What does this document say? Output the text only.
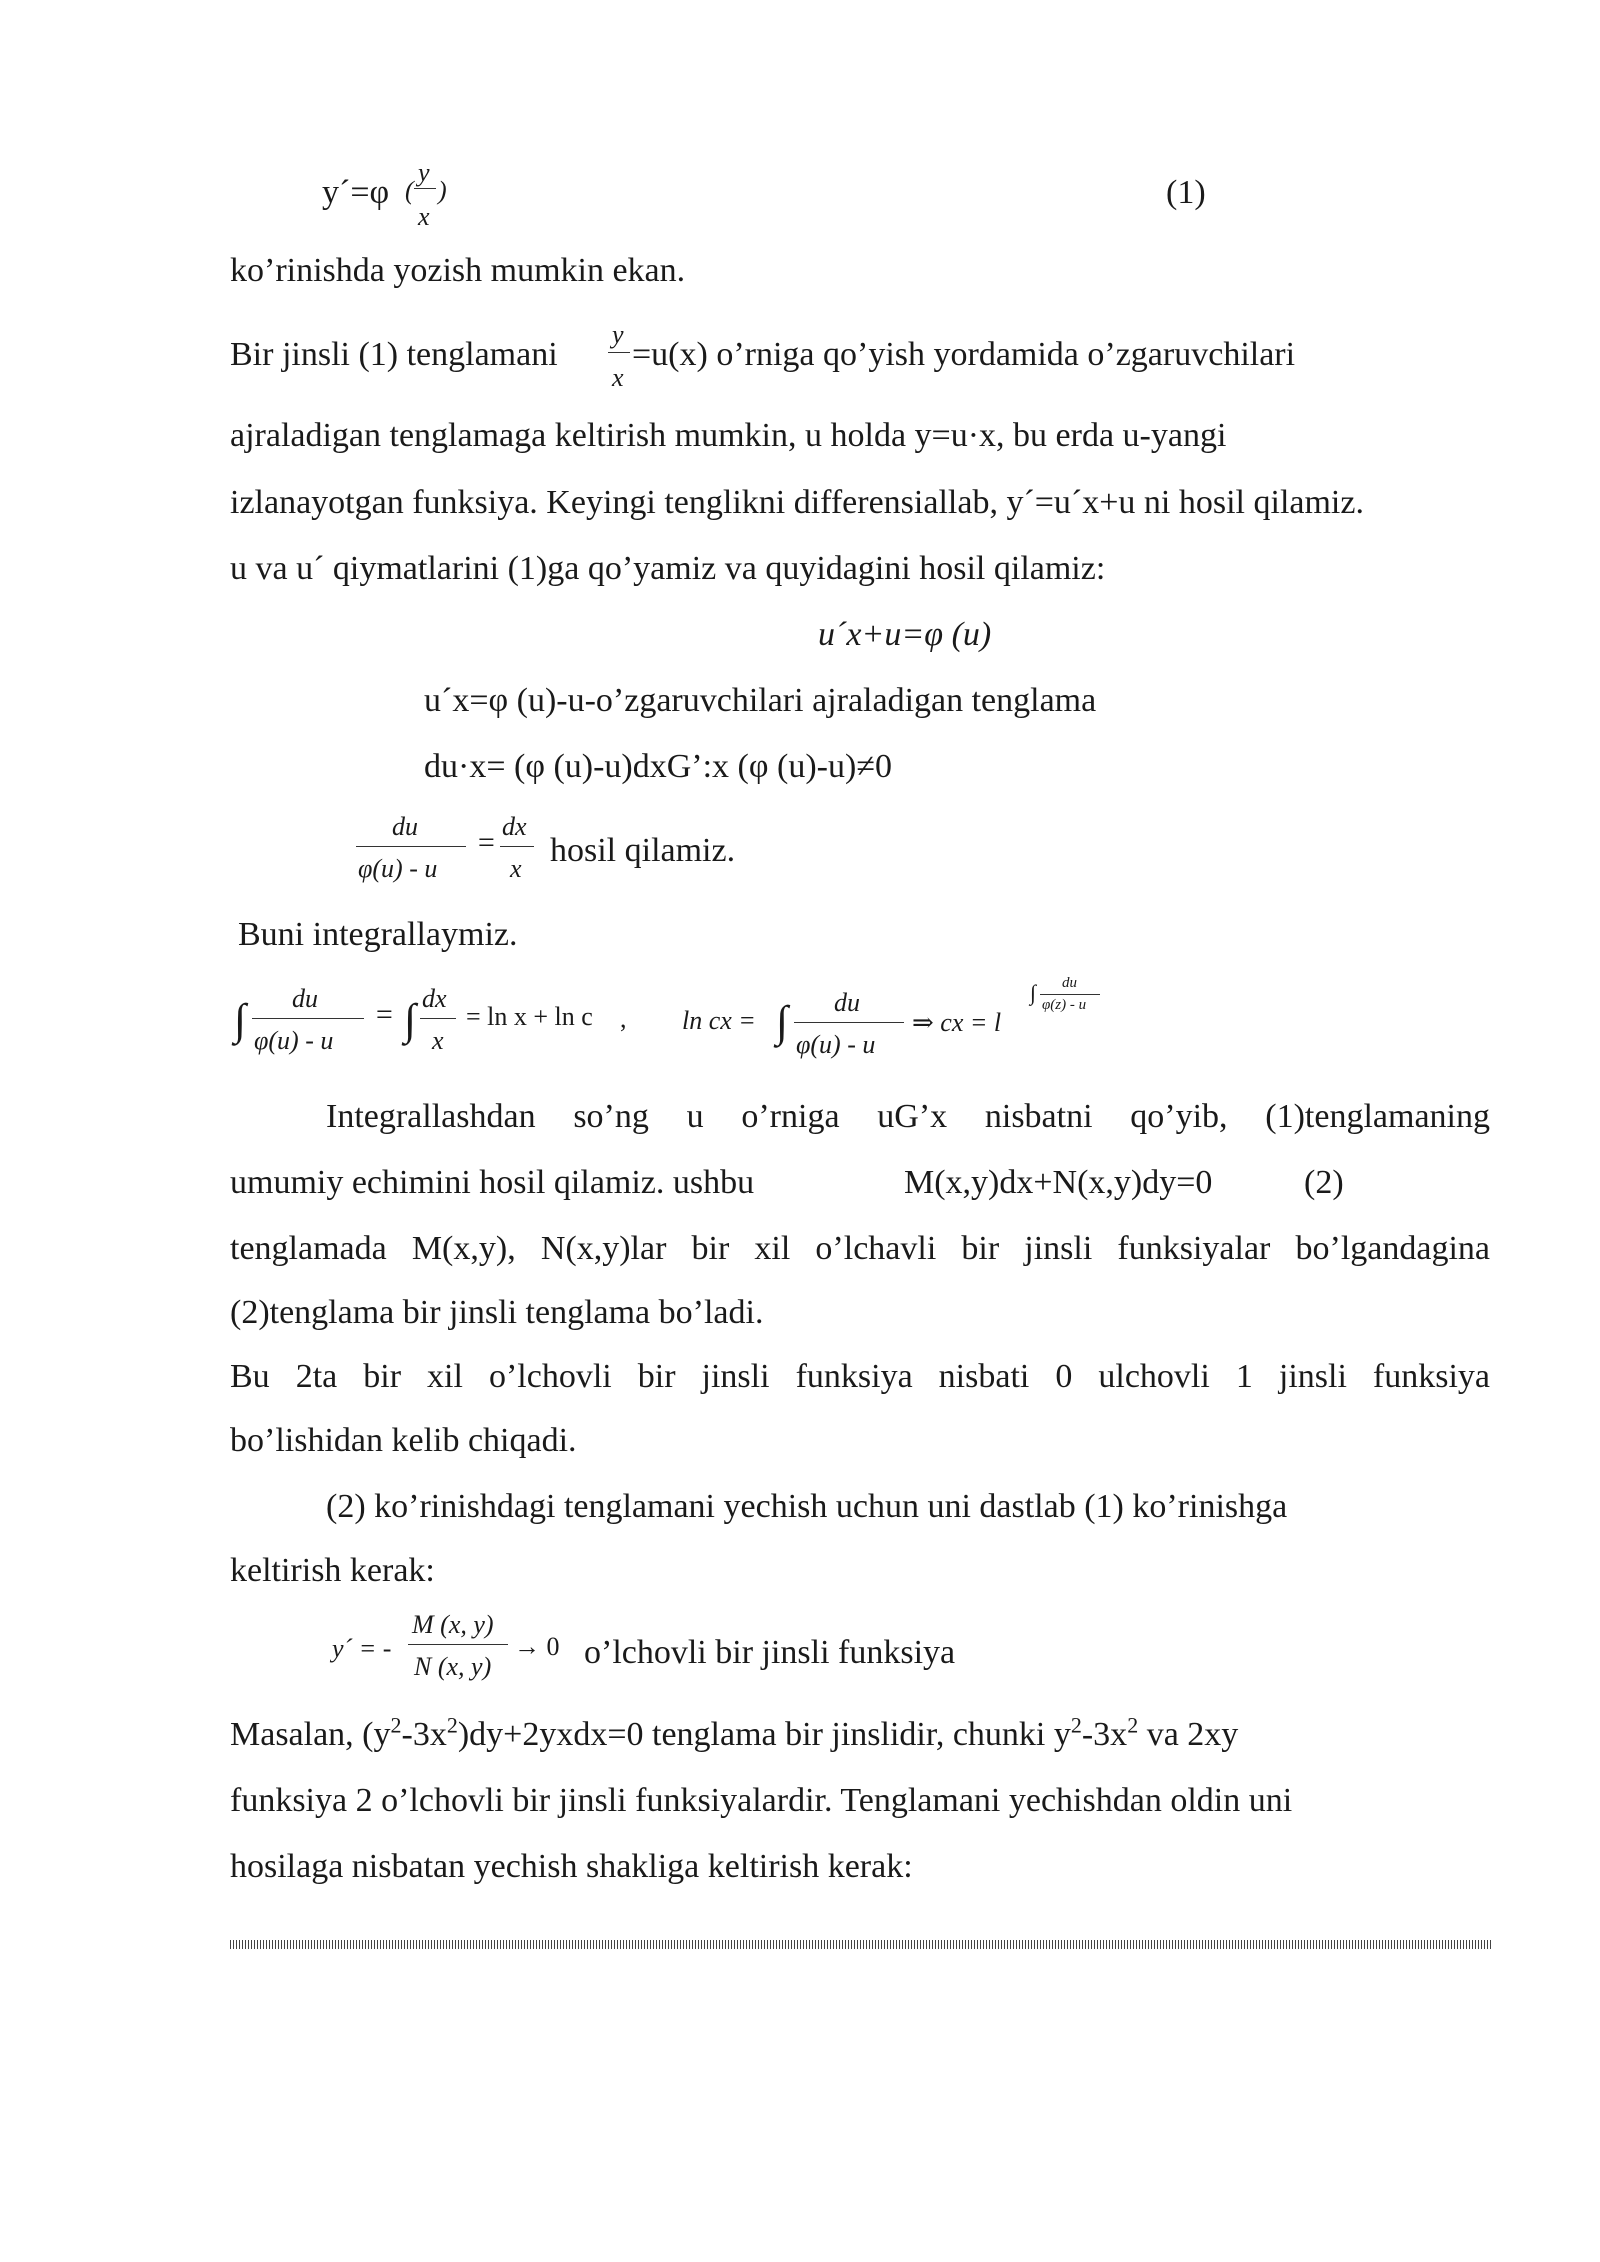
y´=φ (
y
x
)	(1)
ko’rinishda yozish mumkin ekan.
Bir jinsli (1) tenglamani
y
x
=u(x) o’rniga qo’yish yordamida o’zgaruvchilari
ajraladigan tenglamaga keltirish mumkin, u holda y=u·x, bu erda u-yangi
izlanayotgan funksiya. Keyingi tenglikni differensiallab, y´=u´x+u ni hosil qilamiz.
u va u´ qiymatlarini (1)ga qo’yamiz va quyidagini hosil qilamiz:
u´x+u=φ (u)
u´x=φ (u)-u-o’zgaruvchilari ajraladigan tenglama
du·x= (φ (u)-u)dxG’:x (φ (u)-u)≠0
du
φ(u) - u
= dx
x hosil qilamiz.
Buni integrallaymiz.
∫ du
φ(u) - u
= ∫ dx
x
= ln x + ln c , ln cx = ∫ du
φ(u) - u
⇒ cx = l
∫ du
φ(z) - u
Integrallashdan so’ng u o’rniga uG’x nisbatni qo’yib, (1)tenglamaning
umumiy echimini hosil qilamiz. ushbu	M(x,y)dx+N(x,y)dy=0	(2)
tenglamada M(x,y), N(x,y)lar bir xil o’lchavli bir jinsli funksiyalar bo’lgandagina
(2)tenglama bir jinsli tenglama bo’ladi.
Bu 2ta bir xil o’lchovli bir jinsli funksiya nisbati 0 ulchovli 1 jinsli funksiya
bo’lishidan kelib chiqadi.
(2) ko’rinishdagi tenglamani yechish uchun uni dastlab (1) ko’rinishga
keltirish kerak:
y´ = -
M (x, y)
N (x, y)
→ 0 o’lchovli bir jinsli funksiya
Masalan, $(y^2-3x^2)dy+2yxdx=0$ tenglama bir jinslidir, chunki $y^2-3x^2$ va 2xy
funksiya 2 o’lchovli bir jinsli funksiyalardir. Tenglamani yechishdan oldin uni
hosilaga nisbatan yechish shakliga keltirish kerak:
